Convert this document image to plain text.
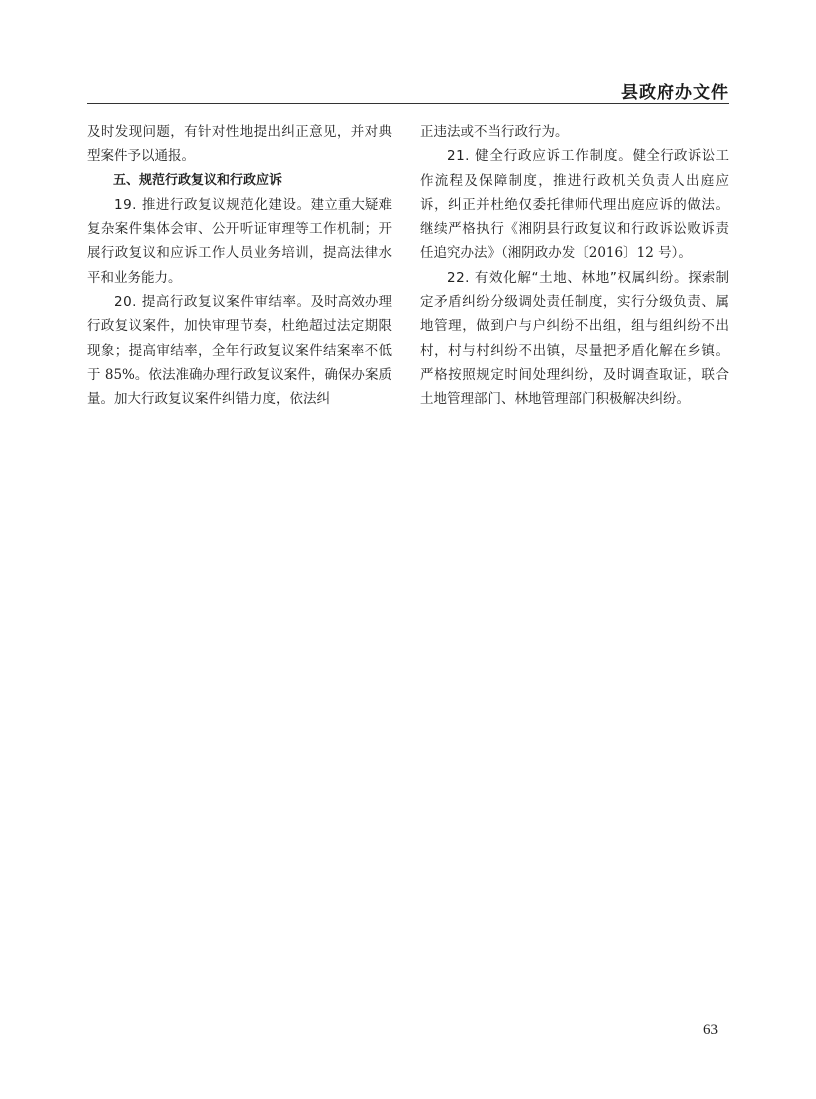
县政府办文件

及时发现问题，有针对性地提出纠正意见，并对典型案件予以通报。

五、规范行政复议和行政应诉

19. 推进行政复议规范化建设。建立重大疑难复杂案件集体会审、公开听证审理等工作机制；开展行政复议和应诉工作人员业务培训，提高法律水平和业务能力。

20. 提高行政复议案件审结率。及时高效办理行政复议案件，加快审理节奏，杜绝超过法定期限现象；提高审结率，全年行政复议案件结案率不低于 85%。依法准确办理行政复议案件，确保办案质量。加大行政复议案件纠错力度，依法纠

正违法或不当行政行为。

21. 健全行政应诉工作制度。健全行政诉讼工作流程及保障制度，推进行政机关负责人出庭应诉，纠正并杜绝仅委托律师代理出庭应诉的做法。继续严格执行《湘阴县行政复议和行政诉讼败诉责任追究办法》（湘阴政办发〔2016〕12 号）。

22. 有效化解“土地、林地”权属纠纷。探索制定矛盾纠纷分级调处责任制度，实行分级负责、属地管理，做到户与户纠纷不出组，组与组纠纷不出村，村与村纠纷不出镇，尽量把矛盾化解在乡镇。严格按照规定时间处理纠纷，及时调查取证，联合土地管理部门、林地管理部门积极解决纠纷。

63
